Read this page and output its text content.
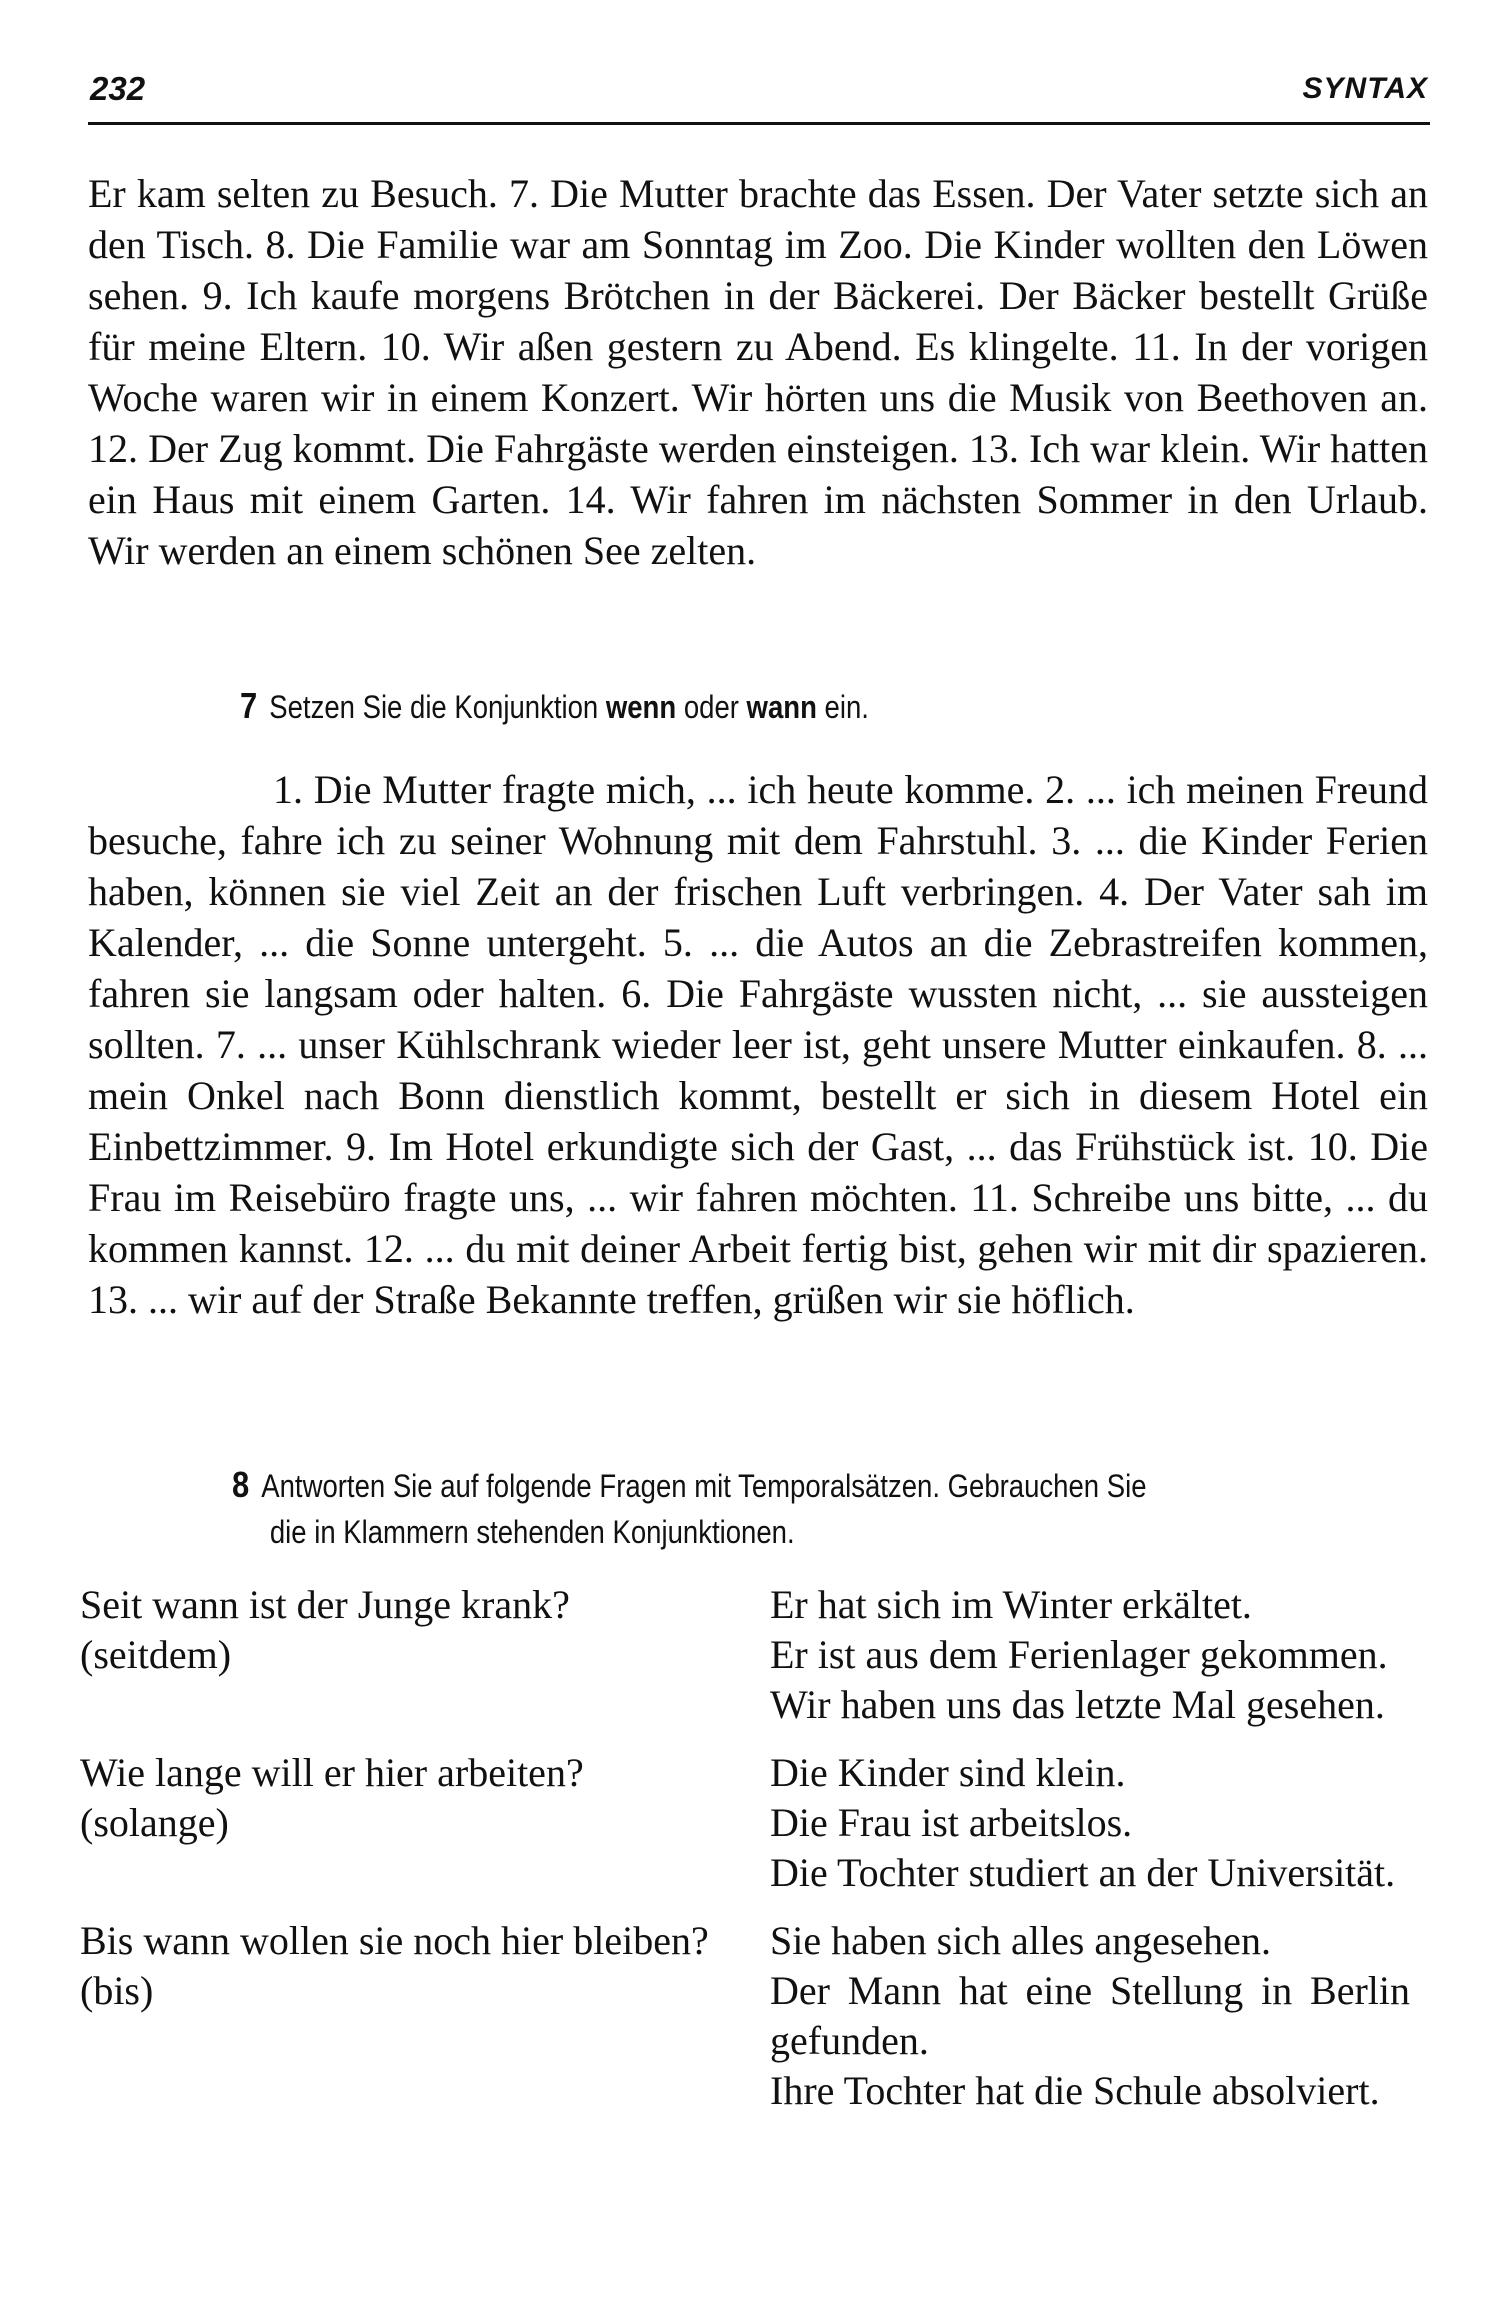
232	SYNTAX

Er kam selten zu Besuch. 7. Die Mutter brachte das Essen. Der Vater setzte sich an den Tisch. 8. Die Familie war am Sonntag im Zoo. Die Kinder wollten den Löwen sehen. 9. Ich kaufe morgens Brötchen in der Bäckerei. Der Bäcker bestellt Grüße für meine Eltern. 10. Wir aßen gestern zu Abend. Es klingelte. 11. In der vorigen Woche waren wir in einem Konzert. Wir hörten uns die Musik von Beethoven an. 12. Der Zug kommt. Die Fahrgäste werden einsteigen. 13. Ich war klein. Wir hatten ein Haus mit einem Garten. 14. Wir fahren im nächsten Sommer in den Urlaub. Wir werden an einem schönen See zelten.

7 Setzen Sie die Konjunktion wenn oder wann ein.

1. Die Mutter fragte mich, ... ich heute komme. 2. ... ich meinen Freund besuche, fahre ich zu seiner Wohnung mit dem Fahrstuhl. 3. ... die Kinder Ferien haben, können sie viel Zeit an der frischen Luft verbringen. 4. Der Vater sah im Kalender, ... die Sonne untergeht. 5. ... die Autos an die Zebrastreifen kommen, fahren sie langsam oder halten. 6. Die Fahrgäste wussten nicht, ... sie aussteigen sollten. 7. ... unser Kühlschrank wieder leer ist, geht unsere Mutter einkaufen. 8. ... mein Onkel nach Bonn dienstlich kommt, bestellt er sich in diesem Hotel ein Einbettzimmer. 9. Im Hotel erkundigte sich der Gast, ... das Frühstück ist. 10. Die Frau im Reisebüro fragte uns, ... wir fahren möchten. 11. Schreibe uns bitte, ... du kommen kannst. 12. ... du mit deiner Arbeit fertig bist, gehen wir mit dir spazieren. 13. ... wir auf der Straße Bekannte treffen, grüßen wir sie höflich.

8 Antworten Sie auf folgende Fragen mit Temporalsätzen. Gebrauchen Sie
die in Klammern stehenden Konjunktionen.
Seit wann ist der Junge krank?
(seitdem)
Er hat sich im Winter erkältet.
Er ist aus dem Ferienlager gekommen.
Wir haben uns das letzte Mal gesehen.
Wie lange will er hier arbeiten?
(solange)
Die Kinder sind klein.
Die Frau ist arbeitslos.
Die Tochter studiert an der Universität.
Bis wann wollen sie noch hier bleiben?
(bis)
Sie haben sich alles angesehen.
Der Mann hat eine Stellung in Berlin gefunden.
Ihre Tochter hat die Schule absolviert.
